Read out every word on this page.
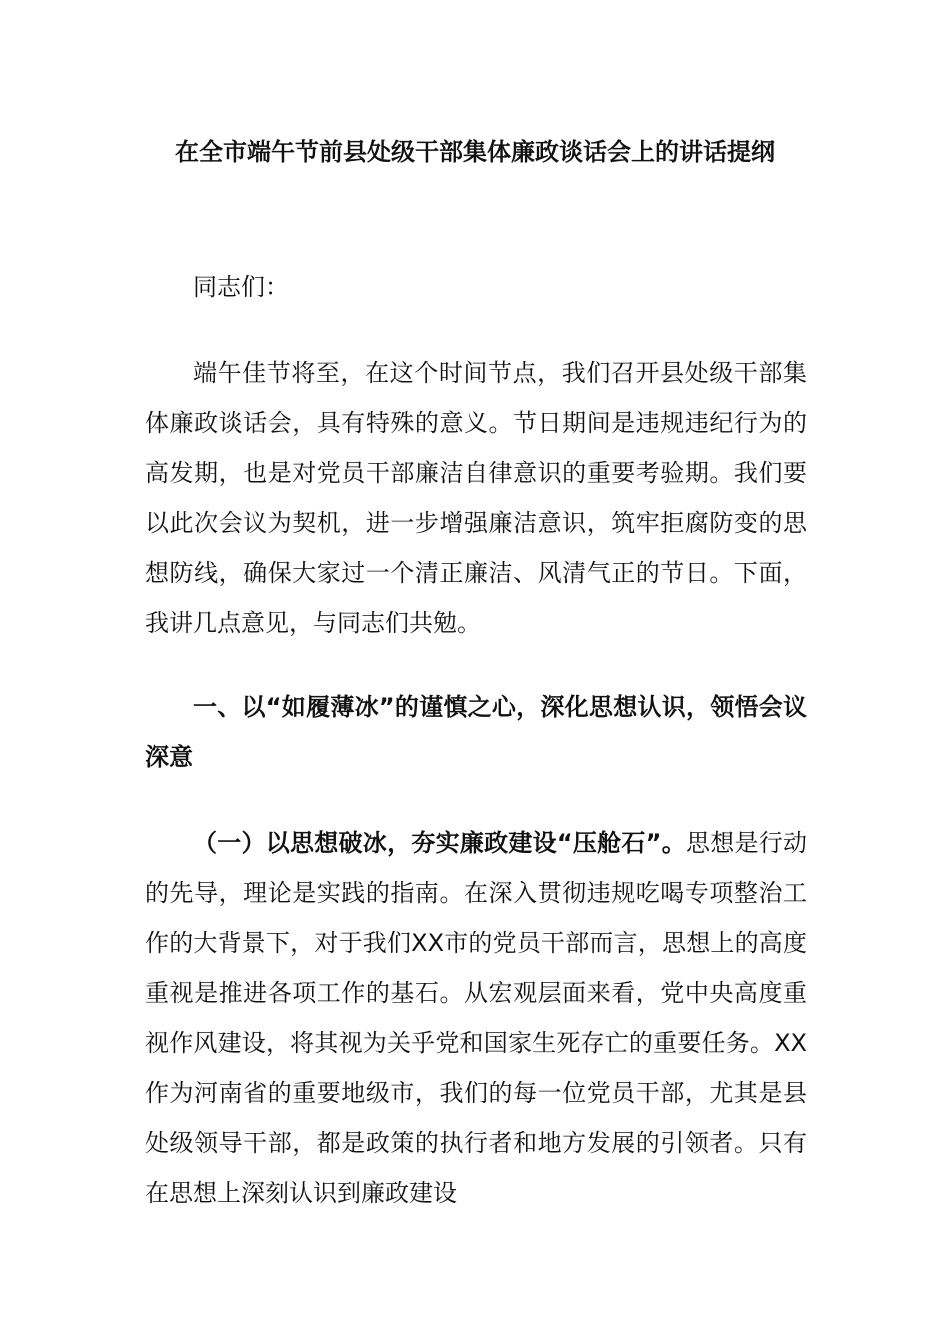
在全市端午节前县处级干部集体廉政谈话会上的讲话提纲

同志们：

端午佳节将至，在这个时间节点，我们召开县处级干部集体廉政谈话会，具有特殊的意义。节日期间是违规违纪行为的高发期，也是对党员干部廉洁自律意识的重要考验期。我们要以此次会议为契机，进一步增强廉洁意识，筑牢拒腐防变的思想防线，确保大家过一个清正廉洁、风清气正的节日。下面，我讲几点意见，与同志们共勉。

一、以“如履薄冰”的谨慎之心，深化思想认识，领悟会议深意

（一）以思想破冰，夯实廉政建设“压舱石”。思想是行动的先导，理论是实践的指南。在深入贯彻违规吃喝专项整治工作的大背景下，对于我们XX市的党员干部而言，思想上的高度重视是推进各项工作的基石。从宏观层面来看，党中央高度重视作风建设，将其视为关乎党和国家生死存亡的重要任务。XX作为河南省的重要地级市，我们的每一位党员干部，尤其是县处级领导干部，都是政策的执行者和地方发展的引领者。只有在思想上深刻认识到廉政建设
